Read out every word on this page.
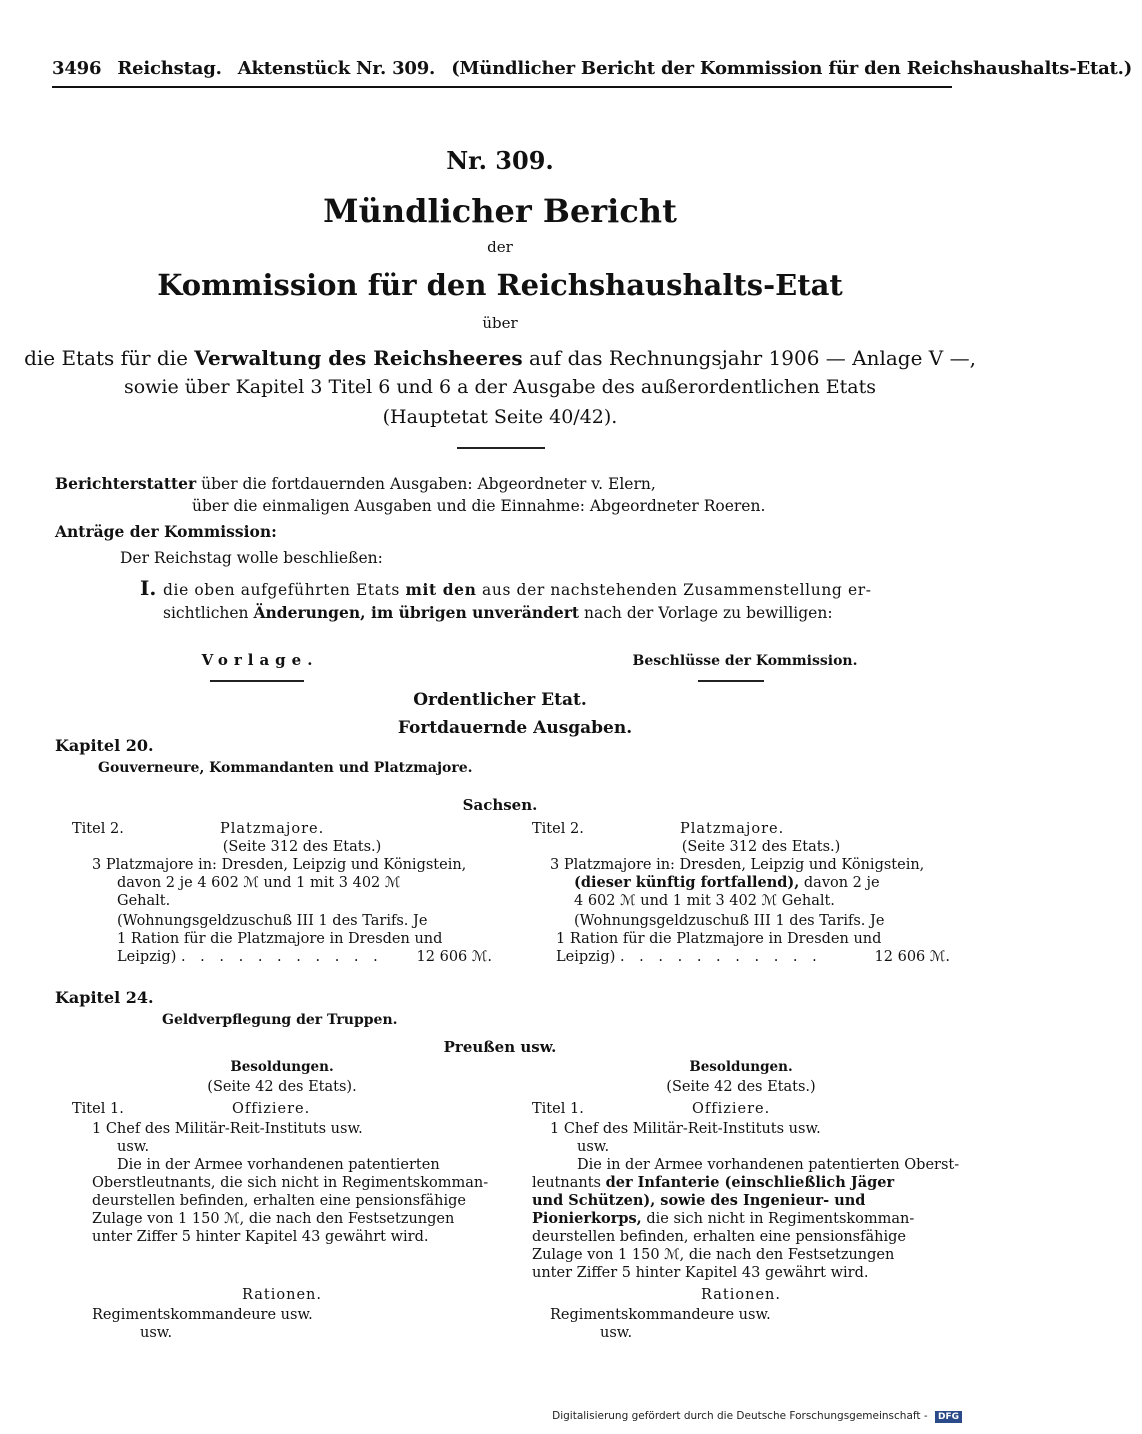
3496 Reichstag. Aktenstück Nr. 309. (Mündlicher Bericht der Kommission für den Reichshaushalts-Etat.)
Nr. 309.
Mündlicher Bericht
der
Kommission für den Reichshaushalts-Etat
über
die Etats für die Verwaltung des Reichsheeres auf das Rechnungsjahr 1906 — Anlage V —,
sowie über Kapitel 3 Titel 6 und 6 a der Ausgabe des außerordentlichen Etats
(Hauptetat Seite 40/42).
Berichterstatter über die fortdauernden Ausgaben: Abgeordneter v. Elern,
über die einmaligen Ausgaben und die Einnahme: Abgeordneter Roeren.
Anträge der Kommission:
Der Reichstag wolle beschließen:
I. die oben aufgeführten Etats mit den aus der nachstehenden Zusammenstellung er-
sichtlichen Änderungen, im übrigen unverändert nach der Vorlage zu bewilligen:
Vorlage.	Beschlüsse der Kommission.
Ordentlicher Etat.
Fortdauernde Ausgaben.
Kapitel 20.
Gouverneure, Kommandanten und Platzmajore.
Sachsen.
Titel 2.	Platzmajore.
(Seite 312 des Etats.)
3 Platzmajore in: Dresden, Leipzig und Königstein,
davon 2 je 4 602 ℳ und 1 mit 3 402 ℳ
Gehalt.
(Wohnungsgeldzuschuß III 1 des Tarifs. Je
1 Ration für die Platzmajore in Dresden und
Leipzig) . . . . . . . . . . . 12 606 ℳ.
Titel 2.	Platzmajore.
(Seite 312 des Etats.)
3 Platzmajore in: Dresden, Leipzig und Königstein,
(dieser künftig fortfallend), davon 2 je
4 602 ℳ und 1 mit 3 402 ℳ Gehalt.
(Wohnungsgeldzuschuß III 1 des Tarifs. Je
1 Ration für die Platzmajore in Dresden und
Leipzig) . . . . . . . . . . .	12 606 ℳ.
Kapitel 24.
Geldverpflegung der Truppen.
Preußen usw.
Besoldungen.
(Seite 42 des Etats).
Titel 1.	Offiziere.
1 Chef des Militär-Reit-Instituts usw.
usw.
Die in der Armee vorhandenen patentierten
Oberstleutnants, die sich nicht in Regimentskomman-
deurstellen befinden, erhalten eine pensionsfähige
Zulage von 1 150 ℳ, die nach den Festsetzungen
unter Ziffer 5 hinter Kapitel 43 gewährt wird.
Rationen.
Regimentskommandeure usw.
usw.
Besoldungen.
(Seite 42 des Etats.)
Titel 1.	Offiziere.
1 Chef des Militär-Reit-Instituts usw.
usw.
Die in der Armee vorhandenen patentierten Oberst-
leutnants der Infanterie (einschließlich Jäger
und Schützen), sowie des Ingenieur- und
Pionierkorps, die sich nicht in Regimentskomman-
deurstellen befinden, erhalten eine pensionsfähige
Zulage von 1 150 ℳ, die nach den Festsetzungen
unter Ziffer 5 hinter Kapitel 43 gewährt wird.
Rationen.
Regimentskommandeure usw.
usw.
Digitalisierung gefördert durch die Deutsche Forschungsgemeinschaft - DFG
